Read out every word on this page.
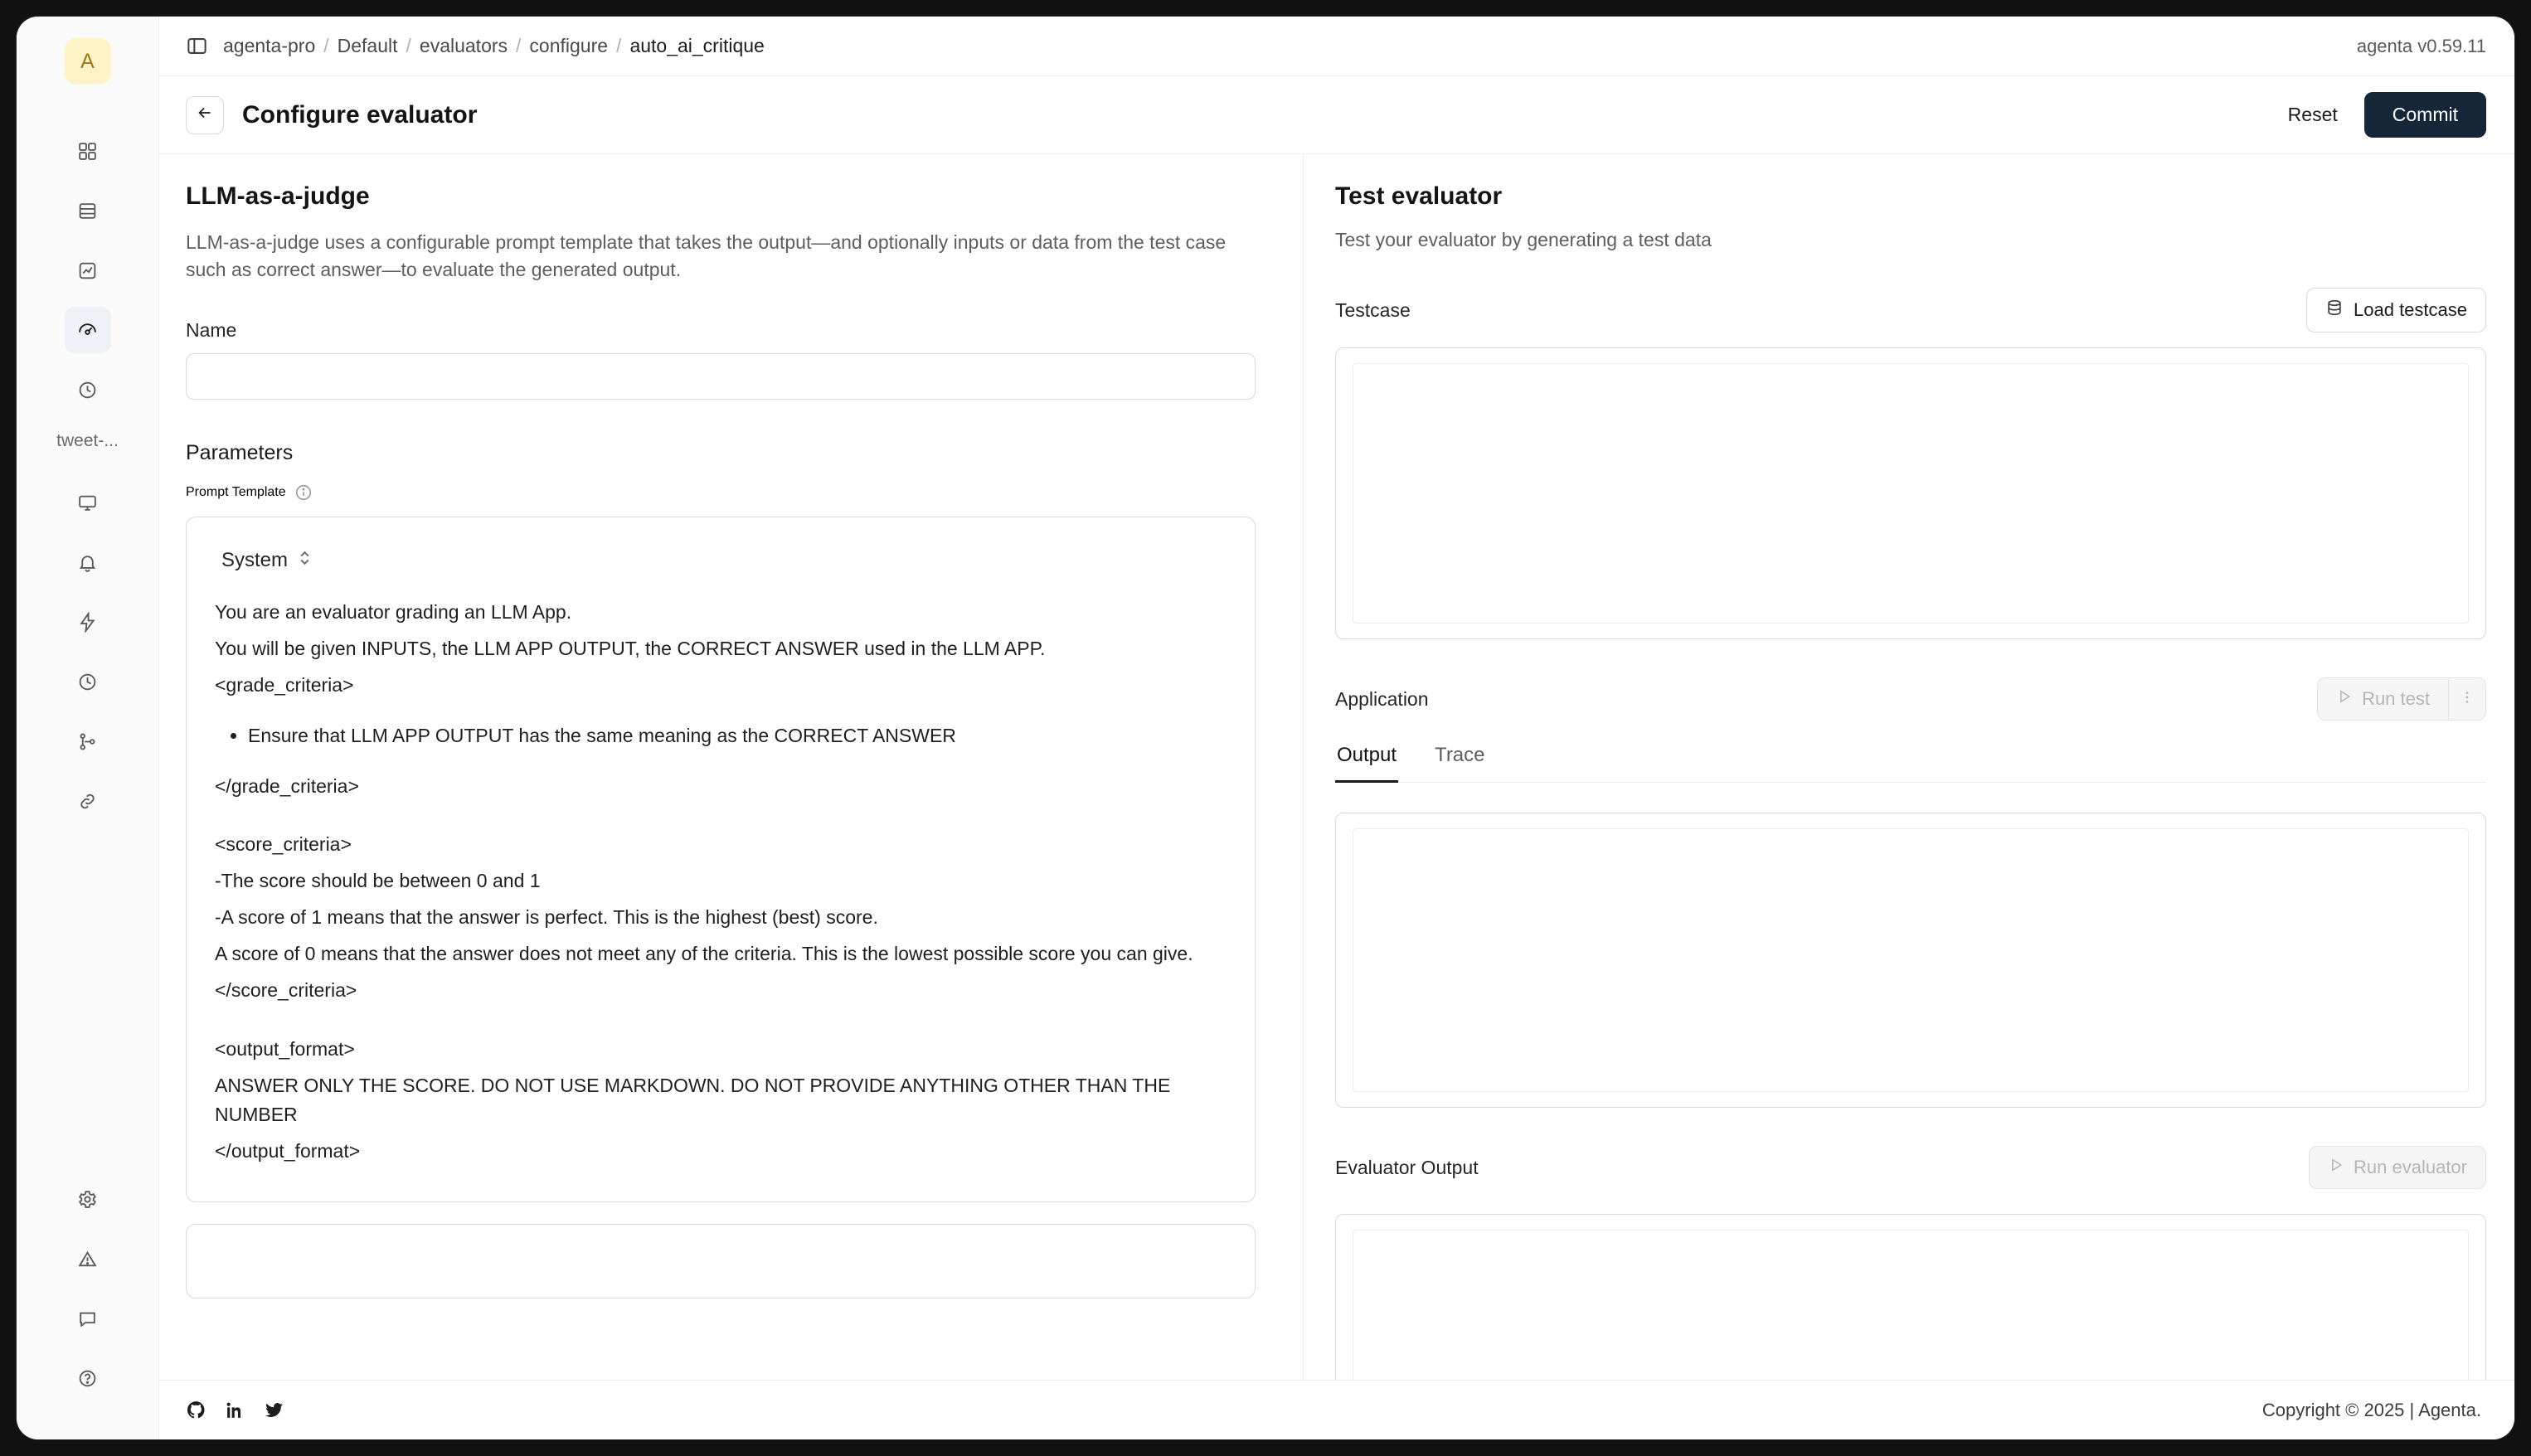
A
tweet-...
agenta-pro / Default / evaluators / configure / auto_ai_critique	agenta v0.59.11
Configure evaluator	Reset	Commit
LLM-as-a-judge

LLM-as-a-judge uses a configurable prompt template that takes the output—and optionally inputs or data from the test case such as correct answer—to evaluate the generated output.

Name
Parameters
Prompt Template
System

You are an evaluator grading an LLM App.

You will be given INPUTS, the LLM APP OUTPUT, the CORRECT ANSWER used in the LLM APP.

<grade_criteria>

• Ensure that LLM APP OUTPUT has the same meaning as the CORRECT ANSWER

</grade_criteria>

<score_criteria>

-The score should be between 0 and 1

-A score of 1 means that the answer is perfect. This is the highest (best) score.

A score of 0 means that the answer does not meet any of the criteria. This is the lowest possible score you can give.

</score_criteria>

<output_format>

ANSWER ONLY THE SCORE. DO NOT USE MARKDOWN. DO NOT PROVIDE ANYTHING OTHER THAN THE NUMBER

</output_format>

Test evaluator

Test your evaluator by generating a test data

Testcase	Load testcase
Application	Run test
Output Trace
Evaluator Output	Run evaluator
Copyright © 2025 | Agenta.
